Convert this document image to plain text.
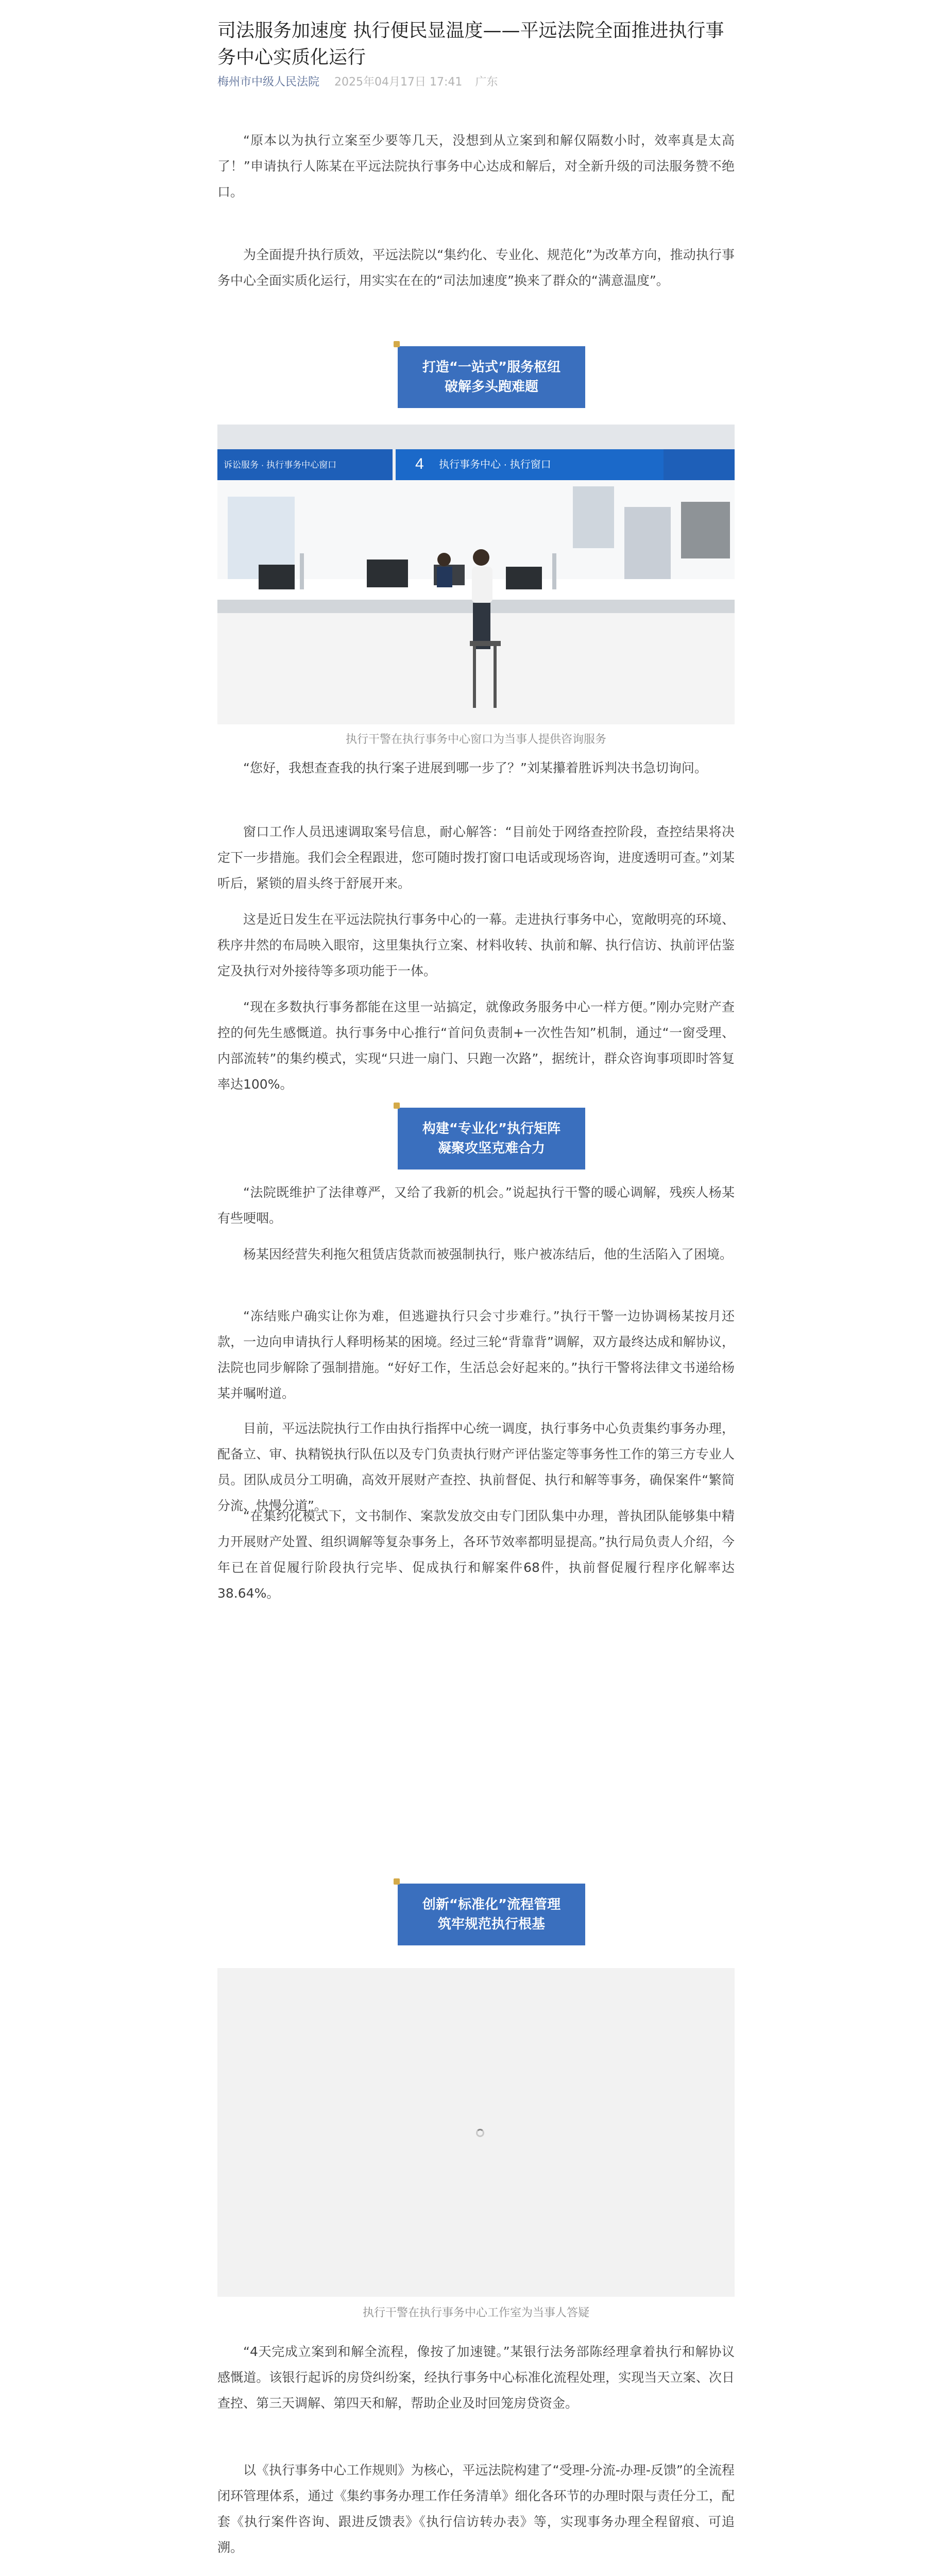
司法服务加速度 执行便民显温度——平远法院全面推进执行事务中心实质化运行
梅州市中级人民法院 2025年04月17日 17:41 广东

“原本以为执行立案至少要等几天，没想到从立案到和解仅隔数小时，效率真是太高了！”申请执行人陈某在平远法院执行事务中心达成和解后，对全新升级的司法服务赞不绝口。

为全面提升执行质效，平远法院以“集约化、专业化、规范化”为改革方向，推动执行事务中心全面实质化运行，用实实在在的“司法加速度”换来了群众的“满意温度”。

打造“一站式”服务枢纽
破解多头跑难题
诉讼服务 · 执行事务中心窗口	4 执行事务中心 · 执行窗口
执行干警在执行事务中心窗口为当事人提供咨询服务

“您好，我想查查我的执行案子进展到哪一步了？”刘某攥着胜诉判决书急切询问。

窗口工作人员迅速调取案号信息，耐心解答：“目前处于网络查控阶段，查控结果将决定下一步措施。我们会全程跟进，您可随时拨打窗口电话或现场咨询，进度透明可查。”刘某听后，紧锁的眉头终于舒展开来。

这是近日发生在平远法院执行事务中心的一幕。走进执行事务中心，宽敞明亮的环境、秩序井然的布局映入眼帘，这里集执行立案、材料收转、执前和解、执行信访、执前评估鉴定及执行对外接待等多项功能于一体。

“现在多数执行事务都能在这里一站搞定，就像政务服务中心一样方便。”刚办完财产查控的何先生感慨道。执行事务中心推行“首问负责制+一次性告知”机制，通过“一窗受理、内部流转”的集约模式，实现“只进一扇门、只跑一次路”，据统计，群众咨询事项即时答复率达100%。

构建“专业化”执行矩阵
凝聚攻坚克难合力

“法院既维护了法律尊严，又给了我新的机会。”说起执行干警的暖心调解，残疾人杨某有些哽咽。

杨某因经营失利拖欠租赁店货款而被强制执行，账户被冻结后，他的生活陷入了困境。

“冻结账户确实让你为难，但逃避执行只会寸步难行。”执行干警一边协调杨某按月还款，一边向申请执行人释明杨某的困境。经过三轮“背靠背”调解，双方最终达成和解协议，法院也同步解除了强制措施。“好好工作，生活总会好起来的。”执行干警将法律文书递给杨某并嘱咐道。

目前，平远法院执行工作由执行指挥中心统一调度，执行事务中心负责集约事务办理，配备立、审、执精锐执行队伍以及专门负责执行财产评估鉴定等事务性工作的第三方专业人员。团队成员分工明确，高效开展财产查控、执前督促、执行和解等事务，确保案件“繁简分流、快慢分道”。

“在集约化模式下，文书制作、案款发放交由专门团队集中办理，普执团队能够集中精力开展财产处置、组织调解等复杂事务上，各环节效率都明显提高。”执行局负责人介绍，今年已在首促履行阶段执行完毕、促成执行和解案件68件，执前督促履行程序化解率达38.64%。

创新“标准化”流程管理
筑牢规范执行根基
执行干警在执行事务中心工作室为当事人答疑

“4天完成立案到和解全流程，像按了加速键。”某银行法务部陈经理拿着执行和解协议感慨道。该银行起诉的房贷纠纷案，经执行事务中心标准化流程处理，实现当天立案、次日查控、第三天调解、第四天和解，帮助企业及时回笼房贷资金。

以《执行事务中心工作规则》为核心，平远法院构建了“受理-分流-办理-反馈”的全流程闭环管理体系，通过《集约事务办理工作任务清单》细化各环节的办理时限与责任分工，配套《执行案件咨询、跟进反馈表》《执行信访转办表》等，实现事务办理全程留痕、可追溯。
